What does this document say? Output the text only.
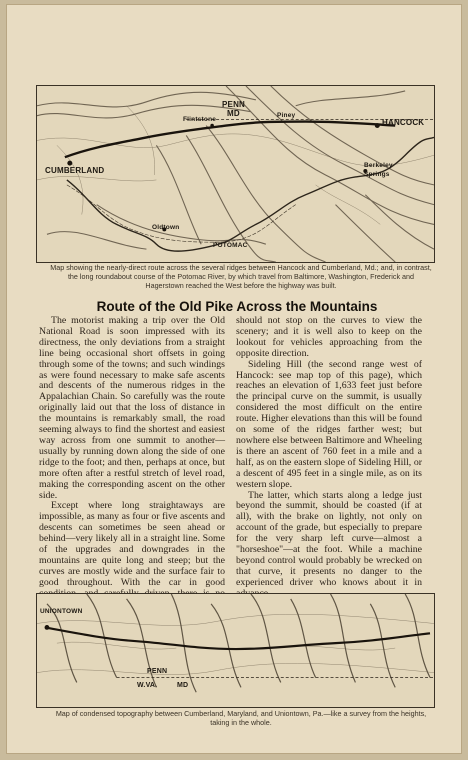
PENN
MD
Flintstone
Piney
HANCOCK
CUMBERLAND
Berkeley
Springs
Oldtown
POTOMAC
Map showing the nearly-direct route across the several ridges between Hancock and Cumberland, Md.; and, in contrast, the long roundabout course of the Potomac River, by which travel from Baltimore, Washington, Frederick and Hagerstown reached the West before the highway was built.
Route of the Old Pike Across the Mountains

The motorist making a trip over the Old National Road is soon impressed with its directness, the only deviations from a straight line being occasional short offsets in going through some of the towns; and such windings as were found necessary to make safe ascents and descents of the numerous ridges in the Appalachian Chain. So carefully was the route originally laid out that the loss of distance in the mountains is remarkably small, the road seeming always to find the shortest and easiest way across from one summit to another—usually by running down along the side of one ridge to the foot; and then, perhaps at once, but more often after a restful stretch of level road, making the corresponding ascent on the other side.

Except where long straightaways are impossible, as many as four or five ascents and descents can sometimes be seen ahead or behind—very likely all in a straight line. Some of the upgrades and downgrades in the mountains are quite long and steep; but the curves are mostly wide and the surface fair to good throughout. With the car in good

should not stop on the curves to view the scenery; and it is well also to keep on the lookout for vehicles approaching from the opposite direction.

Sideling Hill (the second range west of Hancock: see map top of this page), which reaches an elevation of 1,633 feet just before the principal curve on the summit, is usually considered the most difficult on the entire route. Higher elevations than this will be found on some of the ridges farther west; but nowhere else between Baltimore and Wheeling is there an ascent of 760 feet in a mile and a half, as on the eastern slope of Sideling Hill, or a descent of 495 feet in a single mile, as on its western slope.

The latter, which starts along a ledge just beyond the summit, should be coasted (if at all), with the brake on lightly, not only on account of the grade, but especially to prepare for the very sharp left curve—almost a "horseshoe"—at the foot. While a machine beyond control would probably be wrecked on that curve, it presents no danger to the experienced driver who knows about it in

UNIONTOWN
PENN
W.VA.	MD
Map of condensed topography between Cumberland, Maryland, and Uniontown, Pa.—like a survey from the heights, taking in the whole.
